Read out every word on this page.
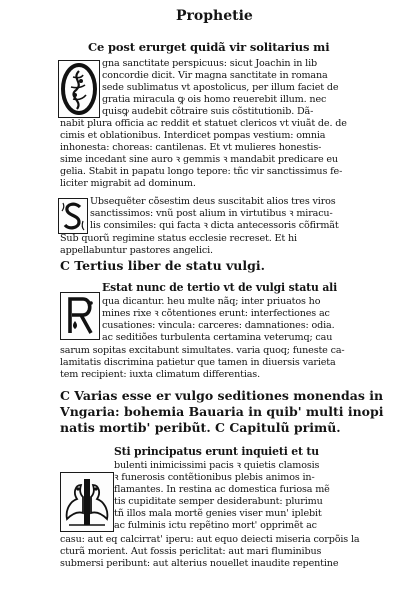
Prophetie
Ce post erurget quidã vir solitarius mi
gna sanctitate perspicuus: sicut Joachin in lib
concordie dicit. Vir magna sanctitate in romana
sede sublimatus vt apostolicus, per illum faciet de
gratia miracula ꝙ ois homo reuerebit illum. nec
quisꝙ audebit cõtraire suis cõstitutionib. Dã-
nabit plura officia ac reddit et statuet clericos vt viuãt de. de
cimis et oblationibus. Interdicet pompas vestium: omnia
inhonesta: choreas: cantilenas. Et vt mulieres honestis-
sime incedant sine auro ꝛ gemmis ꝛ mandabit predicare eu
gelia. Stabit in papatu longo tepore: tñc vir sanctissimus fe-
liciter migrabit ad dominum.
Ubsequẽter cõsestim deus suscitabit alios tres viros
sanctissimos: vnũ post alium in virtutibus ꝛ miracu-
lis consimiles: qui facta ꝛ dicta antecessoris cõfirmãt
Sub quorũ regimine status ecclesie recreset. Et hi
appellabuntur pastores angelici.
C Tertius liber de statu vulgi.
Estat nunc de tertio vt de vulgi statu ali
qua dicantur. heu multe nãq; inter priuatos ho
mines rixe ꝛ cõtentiones erunt: interfectiones ac
cusationes: vincula: carceres: damnationes: odia.
ac seditiões turbulenta certamina veterumq; cau
sarum sopitas excitabunt simultates. varia quoq; funeste ca-
lamitatis discrimina patietur que tamen in diuersis varieta
tem recipient: iuxta climatum differentias.
C Varias esse er vulgo seditiones monendas in
Vngaria: bohemia Bauaria in quib' multi inopi
natis mortib' peribũt. C Capitulũ primũ.
Sti principatus erunt inquieti et tu
bulenti inimicissimi pacis ꝛ quietis clamosis
ꝛ funerosis contẽtionibus plebis animos in-
flamantes. In restina ac domestica furiosa mẽ
tis cupiditate semper desiderabunt: plurimu
tñ illos mala mortẽ genies viser mun' iplebit
ac fulminis ictu repẽtino mort' opprimẽt ac
casu: aut eq calcirrat' iperu: aut equo deiecti miseria corpõis la
cturã morient. Aut fossis periclitat: aut mari fluminibus
submersi peribunt: aut alterius nouellet inaudite repentine
